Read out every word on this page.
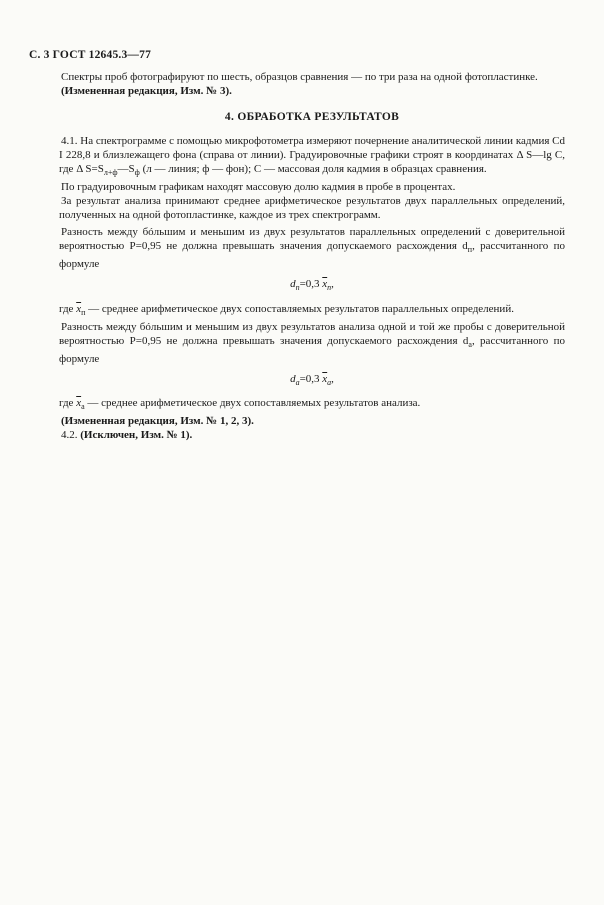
С. 3 ГОСТ 12645.3—77

Спектры проб фотографируют по шесть, образцов сравнения — по три раза на одной фотопластинке.

(Измененная редакция, Изм. № 3).

4. ОБРАБОТКА РЕЗУЛЬТАТОВ

4.1. На спектрограмме с помощью микрофотометра измеряют почернение аналитической линии кадмия Cd I 228,8 и близлежащего фона (справа от линии). Градуировочные графики строят в координатах Δ S—lg C, где Δ $S=S_{л+ф}—S_ф$ (л — линия; ф — фон); C — массовая доля кадмия в образцах сравнения.

По градуировочным графикам находят массовую долю кадмия в пробе в процентах.

За результат анализа принимают среднее арифметическое результатов двух параллельных определений, полученных на одной фотопластинке, каждое из трех спектрограмм.

Разность между бóльшим и меньшим из двух результатов параллельных определений с доверительной вероятностью P=0,95 не должна превышать значения допускаемого расхождения $d_п$, рассчитанного по формуле

$d_п=0,3$ $\overline{x}_п$,

где $\overline{x}_п$ — среднее арифметическое двух сопоставляемых результатов параллельных определений.

Разность между бóльшим и меньшим из двух результатов анализа одной и той же пробы с доверительной вероятностью P=0,95 не должна превышать значения допускаемого расхождения $d_а$, рассчитанного по формуле

$d_а=0,3$ $\overline{x}_а$,

где $\overline{x}_а$ — среднее арифметическое двух сопоставляемых результатов анализа.

(Измененная редакция, Изм. № 1, 2, 3).

4.2. (Исключен, Изм. № 1).
